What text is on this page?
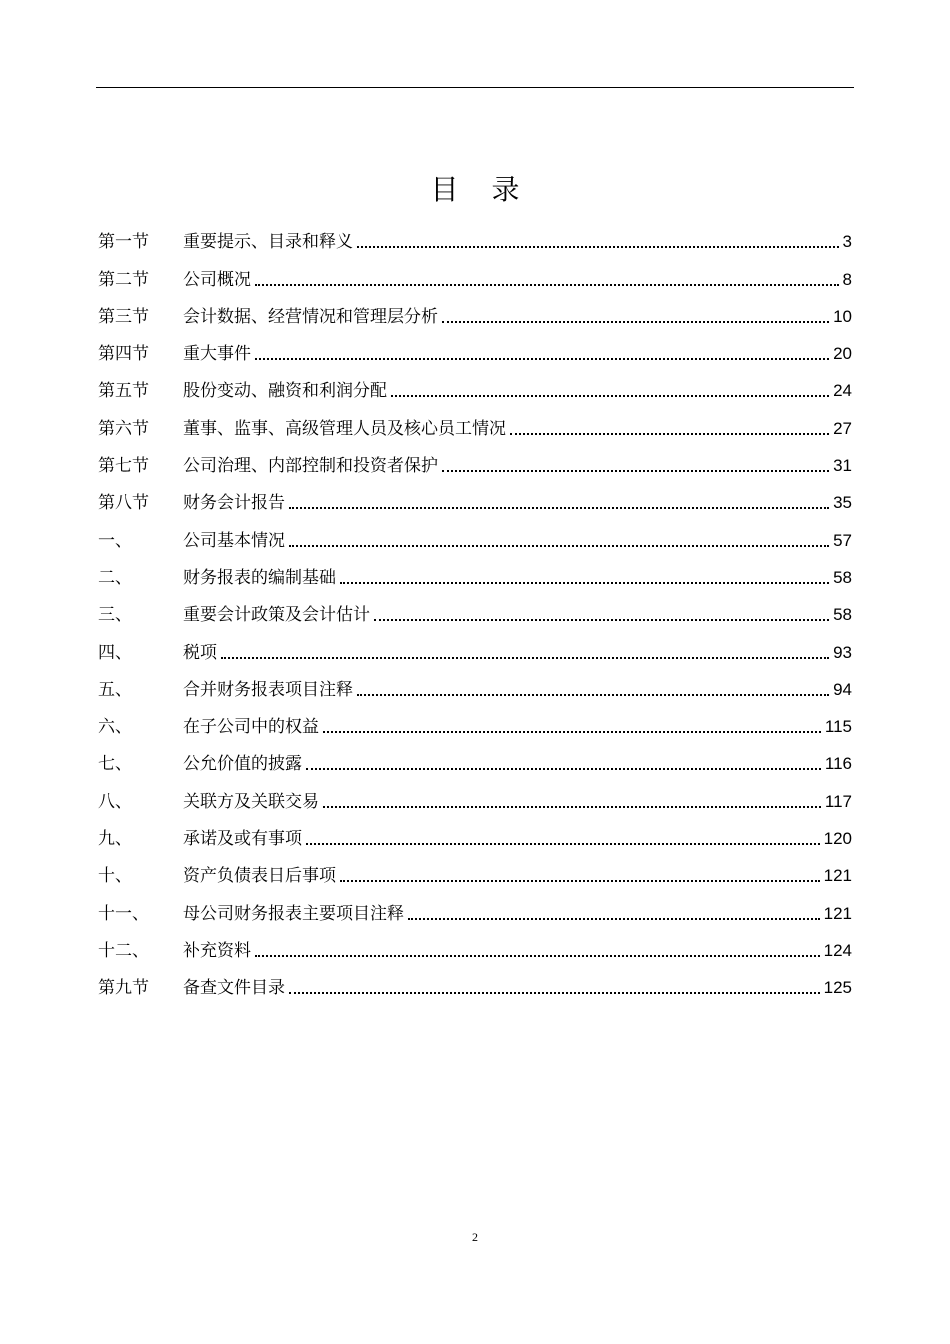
目 录
第一节	重要提示、目录和释义	3
第二节	公司概况	8
第三节	会计数据、经营情况和管理层分析	10
第四节	重大事件	20
第五节	股份变动、融资和利润分配	24
第六节	董事、监事、高级管理人员及核心员工情况	27
第七节	公司治理、内部控制和投资者保护	31
第八节	财务会计报告	35
一、	公司基本情况	57
二、	财务报表的编制基础	58
三、	重要会计政策及会计估计	58
四、	税项	93
五、	合并财务报表项目注释	94
六、	在子公司中的权益	115
七、	公允价值的披露	116
八、	关联方及关联交易	117
九、	承诺及或有事项	120
十、	资产负债表日后事项	121
十一、	母公司财务报表主要项目注释	121
十二、	补充资料	124
第九节	备查文件目录	125
2
